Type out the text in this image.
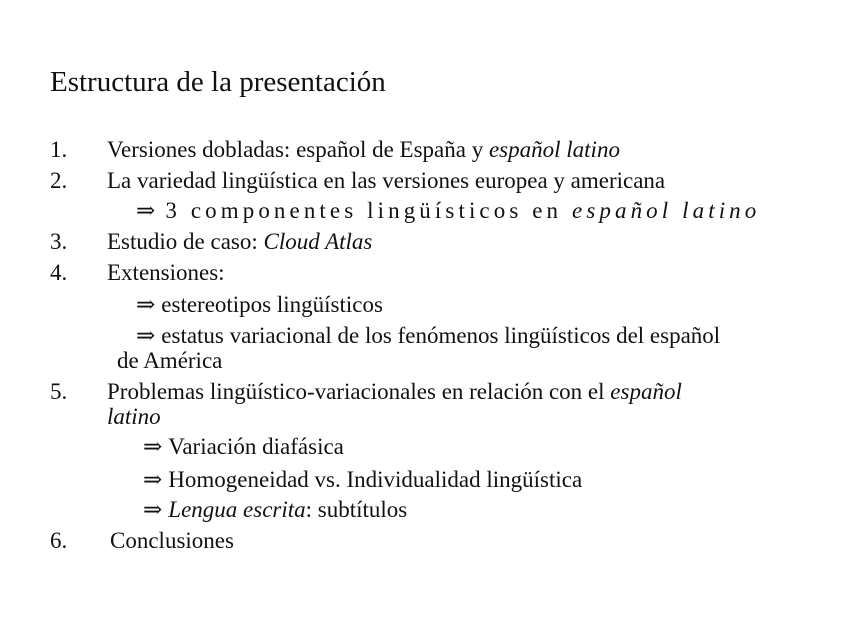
Estructura de la presentación
1. Versiones dobladas: español de España y español latino
2. La variedad lingüística en las versiones europea y americana
⇒ 3 componentes lingüísticos en español latino
3. Estudio de caso: Cloud Atlas
4. Extensiones:
⇒ estereotipos lingüísticos
⇒ estatus variacional de los fenómenos lingüísticos del español
de América
5. Problemas lingüístico-variacionales en relación con el español
latino
⇒ Variación diafásica
⇒ Homogeneidad vs. Individualidad lingüística
⇒ Lengua escrita: subtítulos
6. Conclusiones
